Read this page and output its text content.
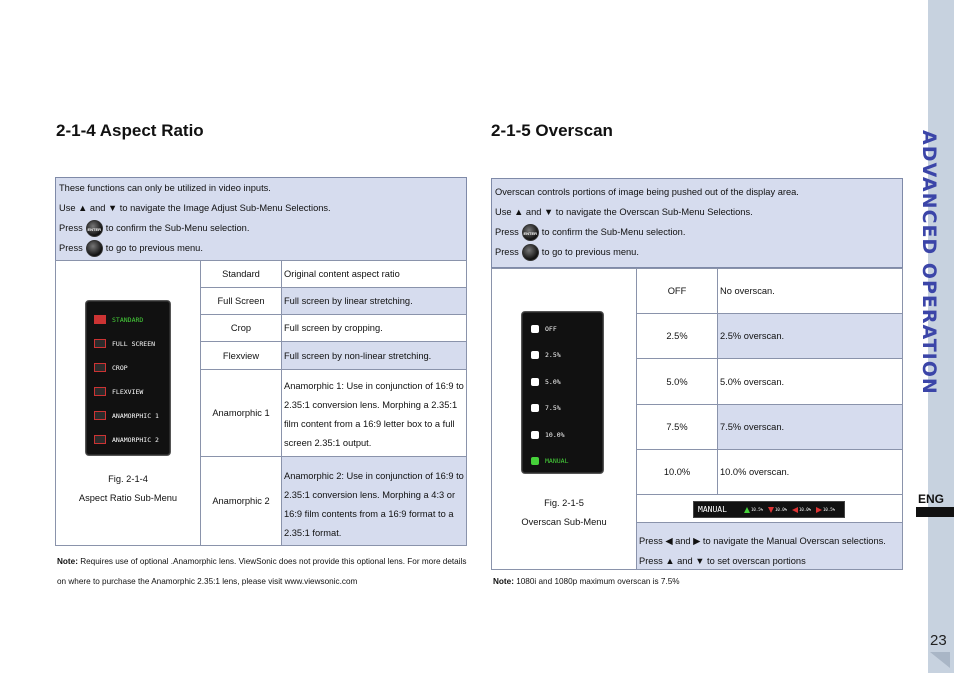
ADVANCED OPERATION
ENG
23
2-1-4 Aspect Ratio
These functions can only be utilized in video inputs.
Use ▲ and ▼ to navigate the Image Adjust Sub-Menu Selections.
Press	ENTER to confirm the Sub-Menu selection.
Press to go to previous menu.
Standard	Original content aspect ratio
Full Screen	Full screen by linear stretching.
Crop	Full screen by cropping.
Flexview	Full screen by non-linear stretching.
Anamorphic 1
Anamorphic 1: Use in conjunction of 16:9 to 2.35:1 conversion lens. Morphing a 2.35:1 film content from a 16:9 letter box to a full screen 2.35:1 output.
Anamorphic 2
Anamorphic 2: Use in conjunction of 16:9 to 2.35:1 conversion lens. Morphing a 4:3 or 16:9 film contents from a 16:9 format to a 2.35:1 format.
STANDARD
FULL SCREEN
CROP
FLEXVIEW
ANAMORPHIC 1
ANAMORPHIC 2
Fig. 2-1-4
Aspect Ratio Sub-Menu
Note: Requires use of optional .Anamorphic lens. ViewSonic does not provide this optional lens. For more details on where to purchase the Anamorphic 2.35:1 lens, please visit www.viewsonic.com
2-1-5 Overscan
Overscan controls portions of image being pushed out of the display area.
Use ▲ and ▼ to navigate the Overscan Sub-Menu Selections.
Press	ENTER to confirm the Sub-Menu selection.
Press to go to previous menu.
OFF	No overscan.
2.5%	2.5% overscan.
5.0%	5.0% overscan.
7.5%	7.5% overscan.
10.0%	10.0% overscan.
Press ◀ and ▶ to navigate the Manual Overscan selections.
Press ▲ and ▼ to set overscan portions
MANUAL	10.5%	10.0%	10.0%	10.5%
OFF
2.5%
5.0%
7.5%
10.0%
MANUAL
Fig. 2-1-5
Overscan Sub-Menu
Note: 1080i and 1080p maximum overscan is 7.5%
